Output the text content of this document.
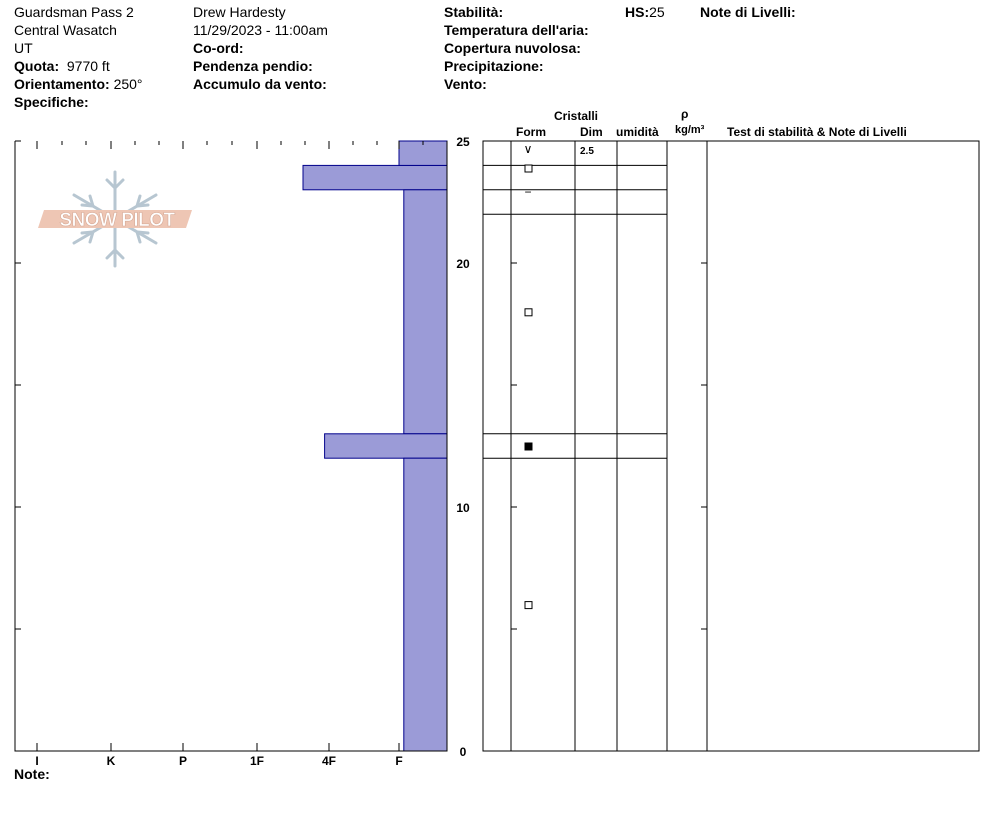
Guardsman Pass 2
Central Wasatch
UT
Quota: 9770 ft
Orientamento: 250°
Specifiche:
Drew Hardesty
11/29/2023 - 11:00am
Co-ord:
Pendenza pendio:
Accumulo da vento:
Stabilità:
Temperatura dell'aria:
Copertura nuvolosa:
Precipitazione:
Vento:
HS:25	Note di Livelli:
Cristalli
Form	Dim umidità
ρ
kg/m³ Test di stabilità & Note di Livelli
SNOW PILOT
I	K	P	1F	4F	F
0
10
20
25	∨	2.5
−
Note:
